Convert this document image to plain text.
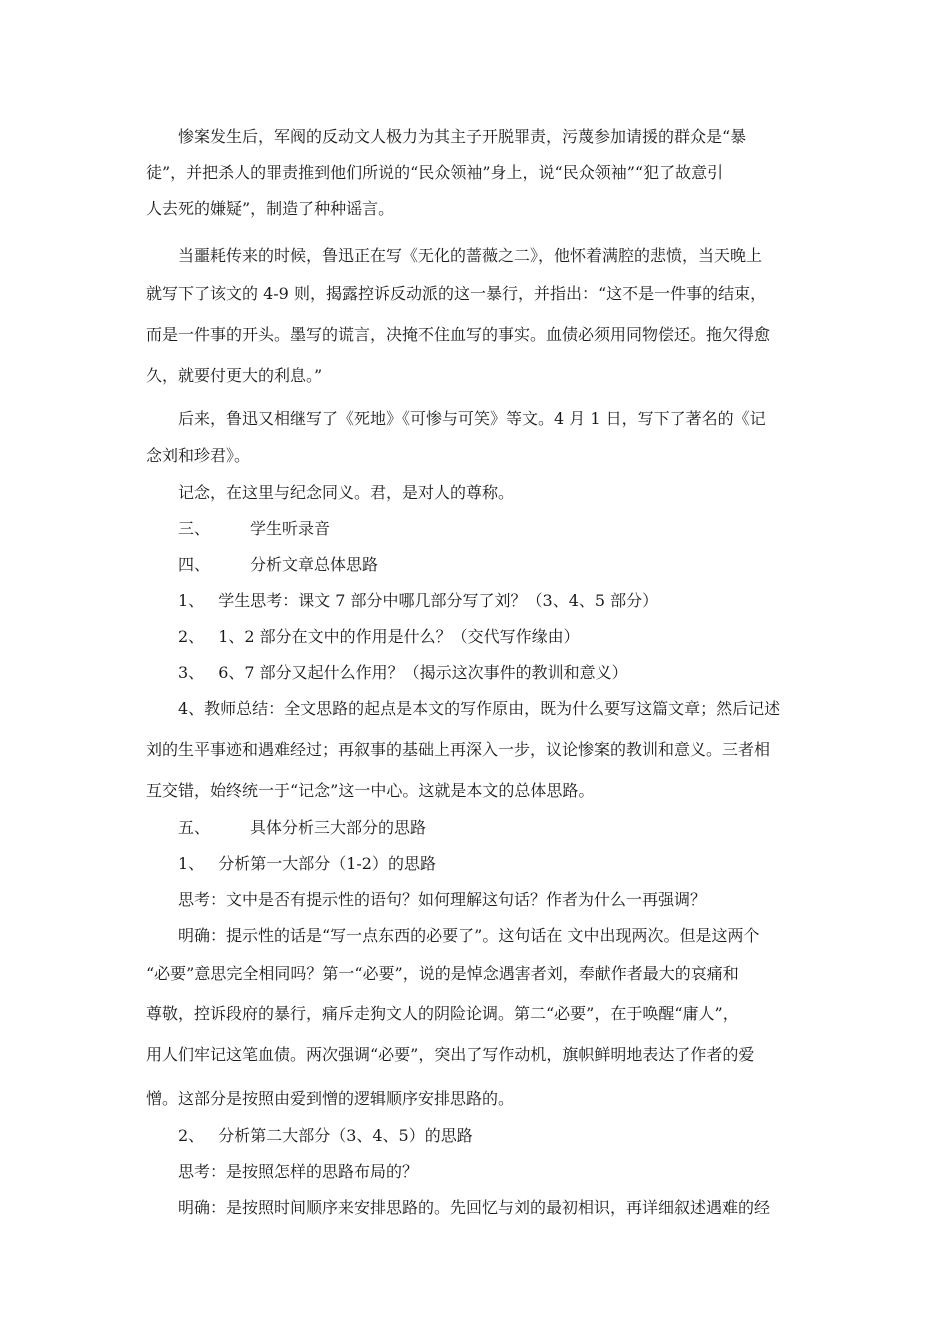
惨案发生后，军阀的反动文人极力为其主子开脱罪责，污蔑参加请援的群众是“暴
徒”，并把杀人的罪责推到他们所说的“民众领袖”身上，说“民众领袖”“犯了故意引
人去死的嫌疑”，制造了种种谣言。
当噩耗传来的时候，鲁迅正在写《无化的蔷薇之二》，他怀着满腔的悲愤，当天晚上
就写下了该文的 4-9 则，揭露控诉反动派的这一暴行，并指出：“这不是一件事的结束，
而是一件事的开头。墨写的谎言，决掩不住血写的事实。血债必须用同物偿还。拖欠得愈
久，就要付更大的利息。”
后来，鲁迅又相继写了《死地》《可惨与可笑》等文。4 月 1 日，写下了著名的《记
念刘和珍君》。
记念，在这里与纪念同义。君，是对人的尊称。
三、	学生听录音
四、	分析文章总体思路
1、 学生思考：课文 7 部分中哪几部分写了刘？（3、4、5 部分）
2、 1、2 部分在文中的作用是什么？（交代写作缘由）
3、 6、7 部分又起什么作用？（揭示这次事件的教训和意义）
4、教师总结：全文思路的起点是本文的写作原由，既为什么要写这篇文章；然后记述
刘的生平事迹和遇难经过；再叙事的基础上再深入一步，议论惨案的教训和意义。三者相
互交错，始终统一于“记念”这一中心。这就是本文的总体思路。
五、	具体分析三大部分的思路
1、 分析第一大部分（1-2）的思路
思考：文中是否有提示性的语句？如何理解这句话？作者为什么一再强调？
明确：提示性的话是“写一点东西的必要了”。这句话在 文中出现两次。但是这两个
“必要”意思完全相同吗？第一“必要”，说的是悼念遇害者刘，奉献作者最大的哀痛和
尊敬，控诉段府的暴行，痛斥走狗文人的阴险论调。第二“必要”，在于唤醒“庸人”，
用人们牢记这笔血债。两次强调“必要”，突出了写作动机，旗帜鲜明地表达了作者的爱
憎。这部分是按照由爱到憎的逻辑顺序安排思路的。
2、 分析第二大部分（3、4、5）的思路
思考：是按照怎样的思路布局的？
明确：是按照时间顺序来安排思路的。先回忆与刘的最初相识，再详细叙述遇难的经
